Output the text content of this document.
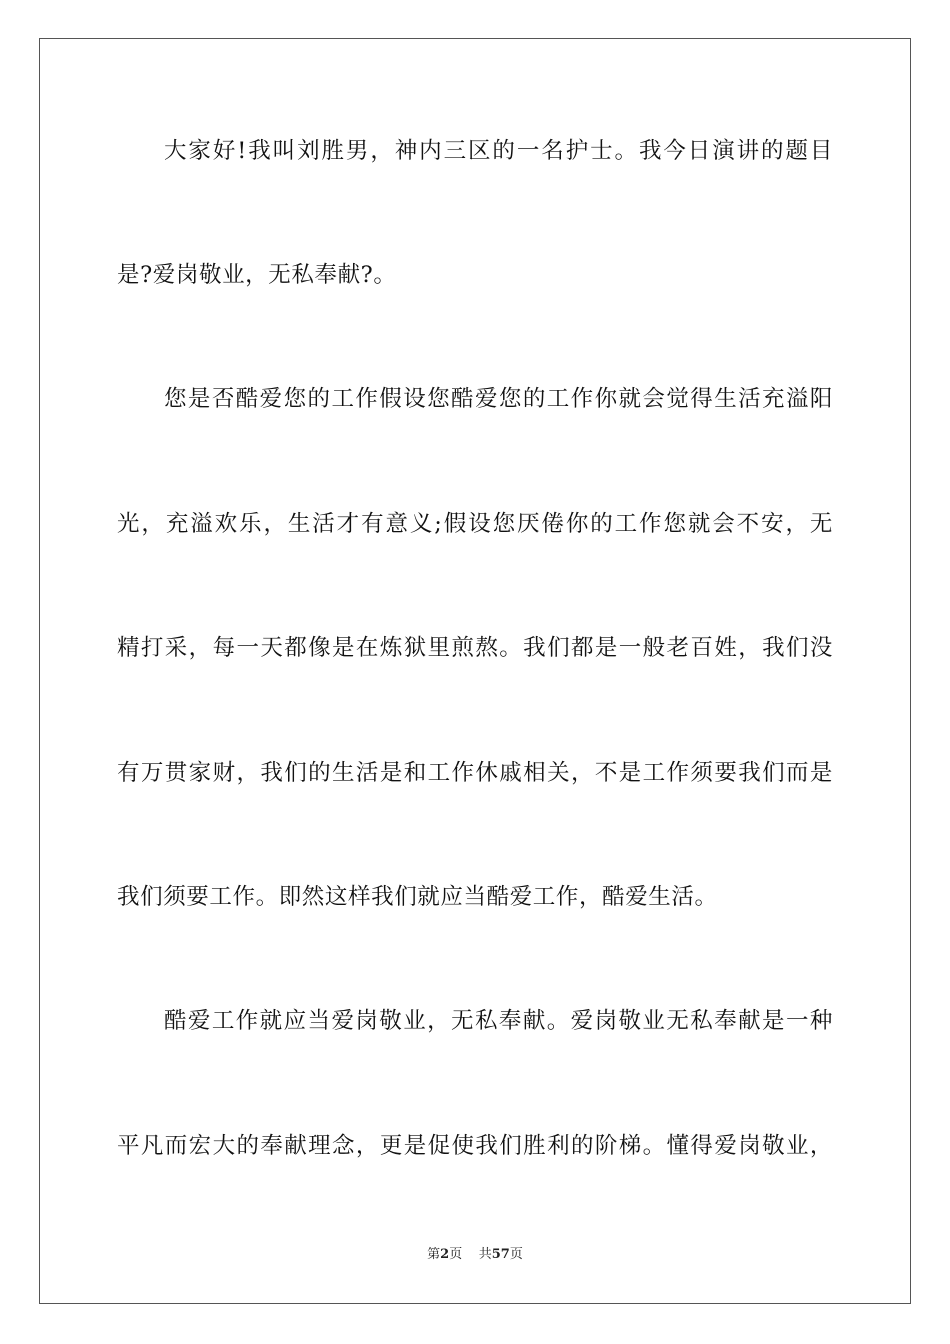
大家好!我叫刘胜男，神内三区的一名护士。我今日演讲的题目
是?爱岗敬业，无私奉献?。
您是否酷爱您的工作假设您酷爱您的工作你就会觉得生活充溢阳
光，充溢欢乐，生活才有意义;假设您厌倦你的工作您就会不安，无
精打采，每一天都像是在炼狱里煎熬。我们都是一般老百姓，我们没
有万贯家财，我们的生活是和工作休戚相关，不是工作须要我们而是
我们须要工作。即然这样我们就应当酷爱工作，酷爱生活。
酷爱工作就应当爱岗敬业，无私奉献。爱岗敬业无私奉献是一种
平凡而宏大的奉献理念，更是促使我们胜利的阶梯。懂得爱岗敬业，
第2页 共57页
